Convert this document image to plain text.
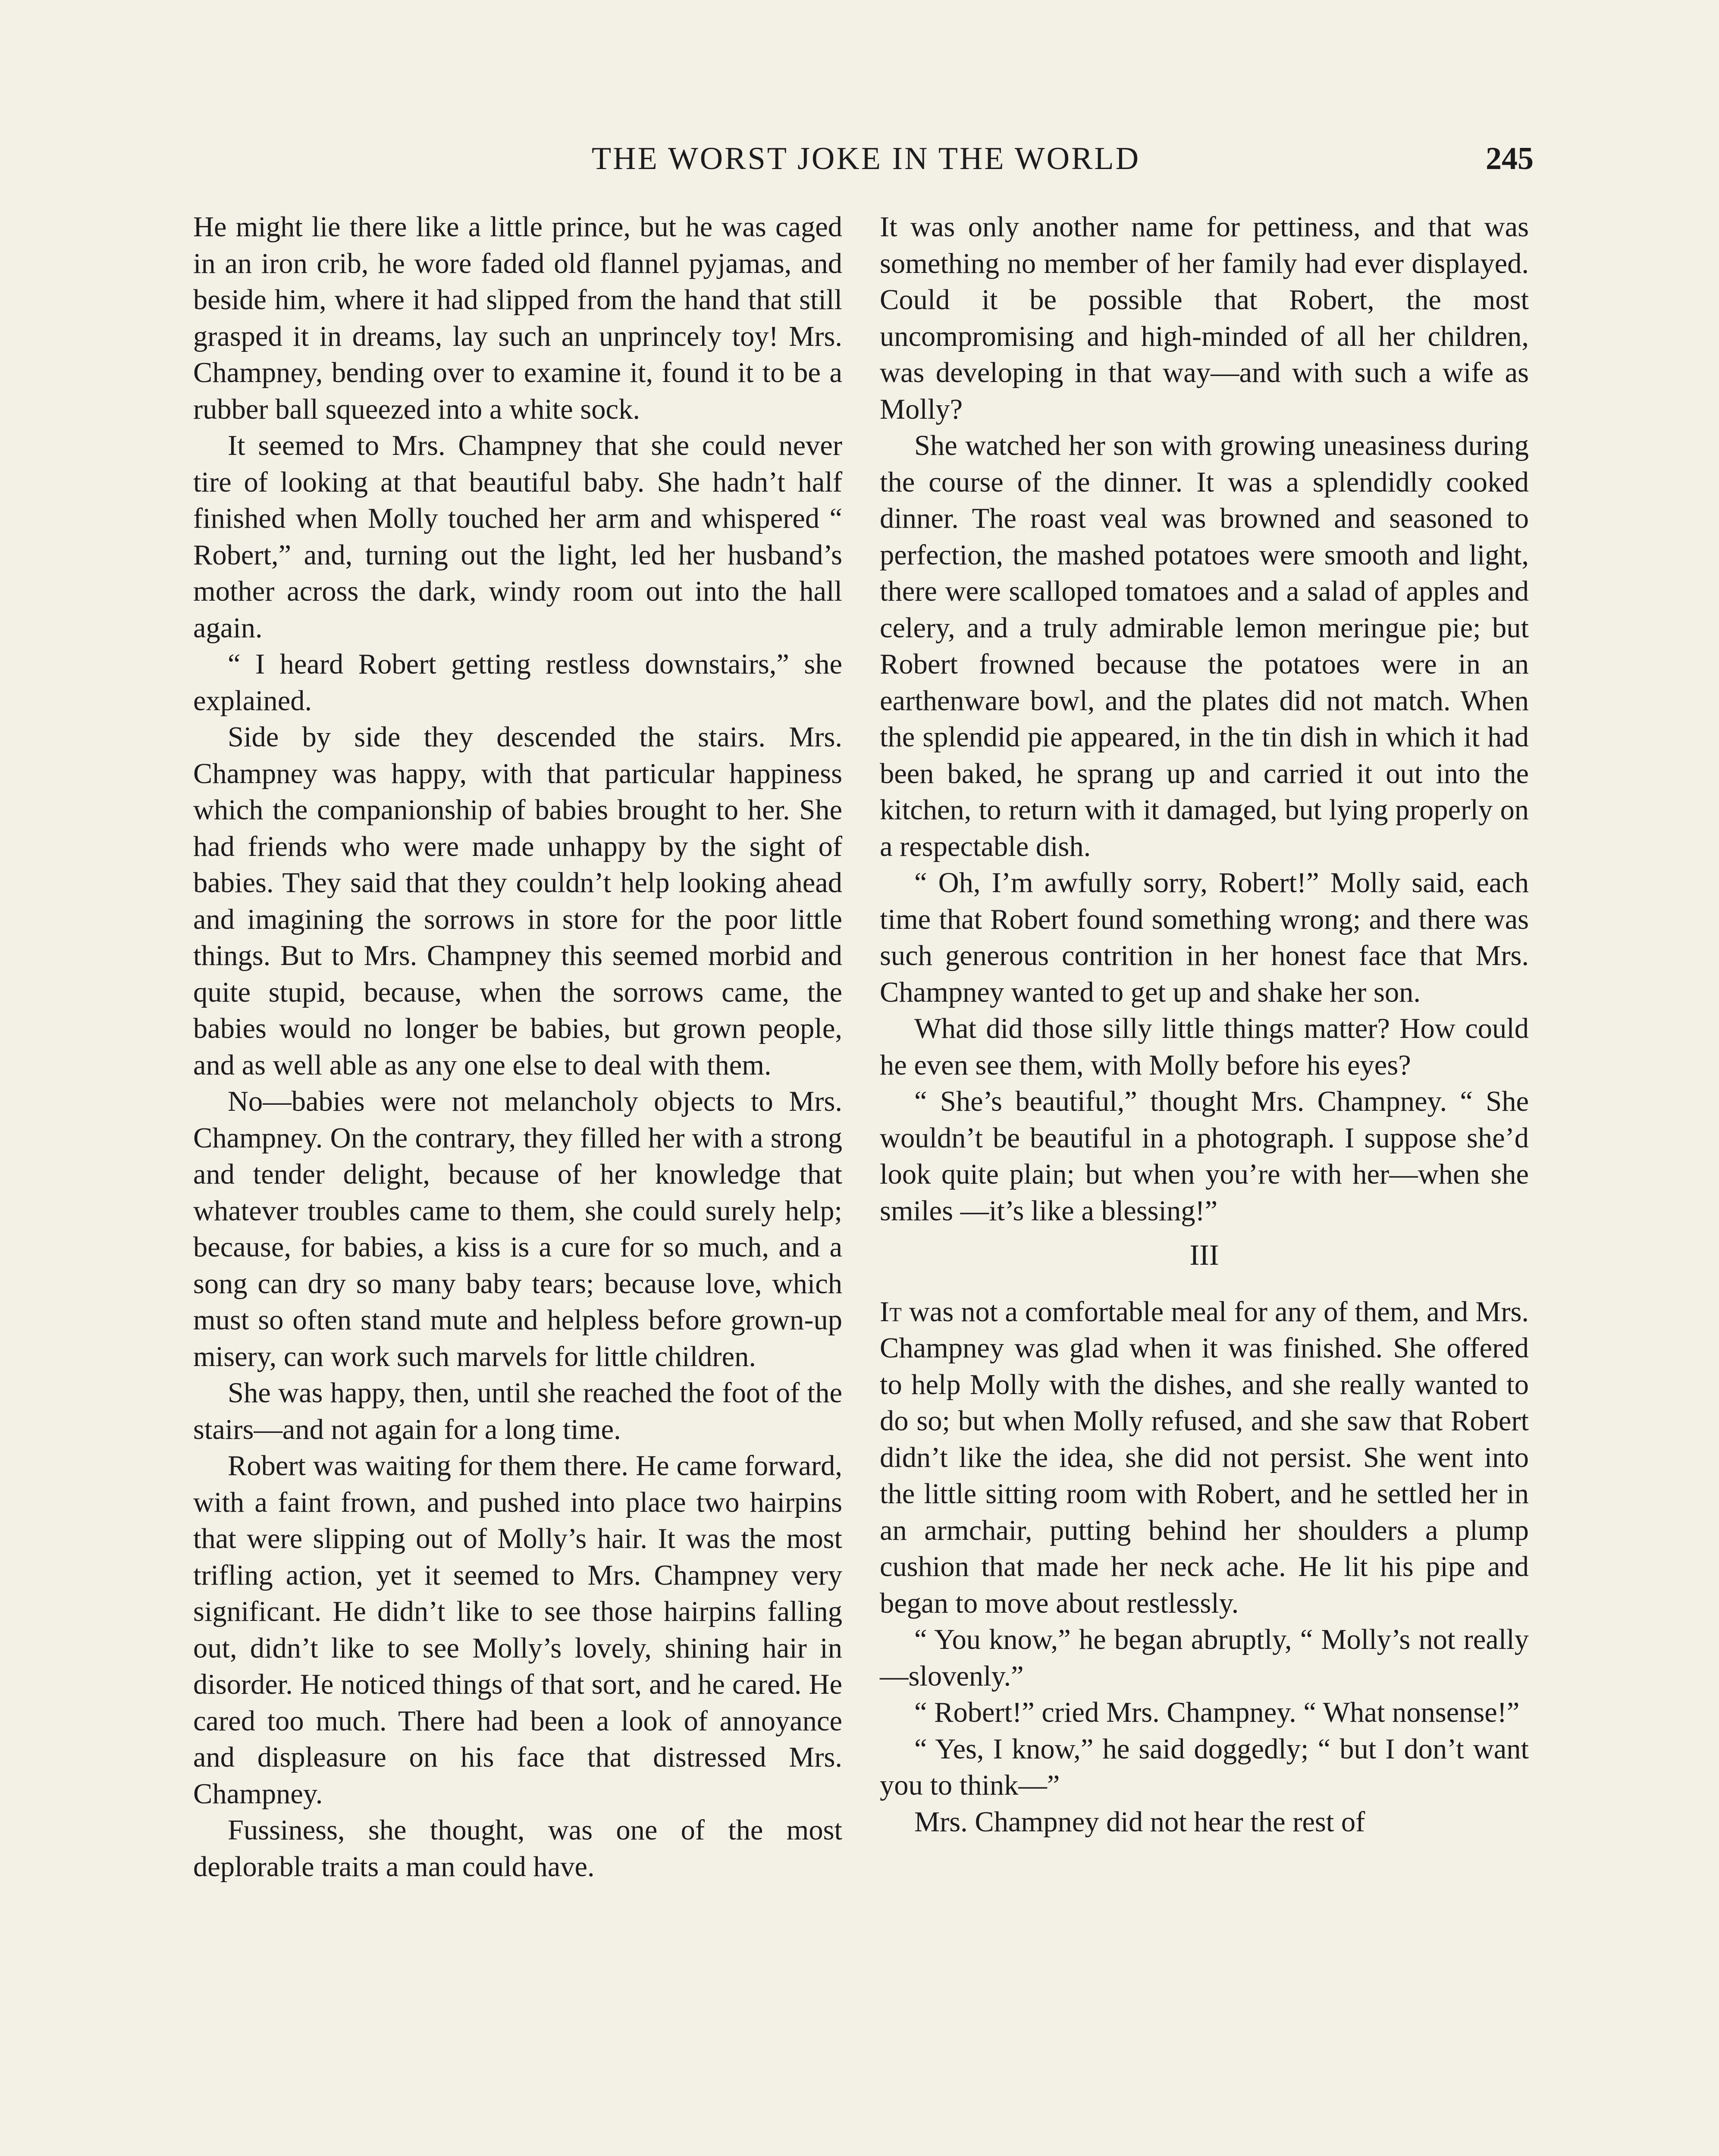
THE WORST JOKE IN THE WORLD	245

He might lie there like a little prince, but he was caged in an iron crib, he wore faded old flannel pyjamas, and beside him, where it had slipped from the hand that still grasped it in dreams, lay such an unprincely toy! Mrs. Champney, bending over to examine it, found it to be a rubber ball squeezed into a white sock.

It seemed to Mrs. Champney that she could never tire of looking at that beautiful baby. She hadn’t half finished when Molly touched her arm and whispered “ Robert,” and, turning out the light, led her husband’s mother across the dark, windy room out into the hall again.

“ I heard Robert getting restless downstairs,” she explained.

Side by side they descended the stairs. Mrs. Champney was happy, with that particular happiness which the companionship of babies brought to her. She had friends who were made unhappy by the sight of babies. They said that they couldn’t help looking ahead and imagining the sorrows in store for the poor little things. But to Mrs. Champney this seemed morbid and quite stupid, because, when the sorrows came, the babies would no longer be babies, but grown people, and as well able as any one else to deal with them.

No—babies were not melancholy objects to Mrs. Champney. On the contrary, they filled her with a strong and tender delight, because of her knowledge that whatever troubles came to them, she could surely help; because, for babies, a kiss is a cure for so much, and a song can dry so many baby tears; because love, which must so often stand mute and helpless before grown-up misery, can work such marvels for little children.

She was happy, then, until she reached the foot of the stairs—and not again for a long time.

Robert was waiting for them there. He came forward, with a faint frown, and pushed into place two hairpins that were slipping out of Molly’s hair. It was the most trifling action, yet it seemed to Mrs. Champney very significant. He didn’t like to see those hairpins falling out, didn’t like to see Molly’s lovely, shining hair in disorder. He noticed things of that sort, and he cared. He cared too much. There had been a look of annoyance and displeasure on his face that distressed Mrs. Champney.

Fussiness, she thought, was one of the most deplorable traits a man could have.

It was only another name for pettiness, and that was something no member of her family had ever displayed. Could it be possible that Robert, the most uncompromising and high-minded of all her children, was developing in that way—and with such a wife as Molly?

She watched her son with growing uneasiness during the course of the dinner. It was a splendidly cooked dinner. The roast veal was browned and seasoned to perfection, the mashed potatoes were smooth and light, there were scalloped tomatoes and a salad of apples and celery, and a truly admirable lemon meringue pie; but Robert frowned because the potatoes were in an earthenware bowl, and the plates did not match. When the splendid pie appeared, in the tin dish in which it had been baked, he sprang up and carried it out into the kitchen, to return with it damaged, but lying properly on a respectable dish.

“ Oh, I’m awfully sorry, Robert!” Molly said, each time that Robert found something wrong; and there was such generous contrition in her honest face that Mrs. Champney wanted to get up and shake her son.

What did those silly little things matter? How could he even see them, with Molly before his eyes?

“ She’s beautiful,” thought Mrs. Champney. “ She wouldn’t be beautiful in a photograph. I suppose she’d look quite plain; but when you’re with her—when she smiles —it’s like a blessing!”

III

It was not a comfortable meal for any of them, and Mrs. Champney was glad when it was finished. She offered to help Molly with the dishes, and she really wanted to do so; but when Molly refused, and she saw that Robert didn’t like the idea, she did not persist. She went into the little sitting room with Robert, and he settled her in an armchair, putting behind her shoulders a plump cushion that made her neck ache. He lit his pipe and began to move about restlessly.

“ You know,” he began abruptly, “ Molly’s not really—slovenly.”

“ Robert!” cried Mrs. Champney. “ What nonsense!”

“ Yes, I know,” he said doggedly; “ but I don’t want you to think—”

Mrs. Champney did not hear the rest of
